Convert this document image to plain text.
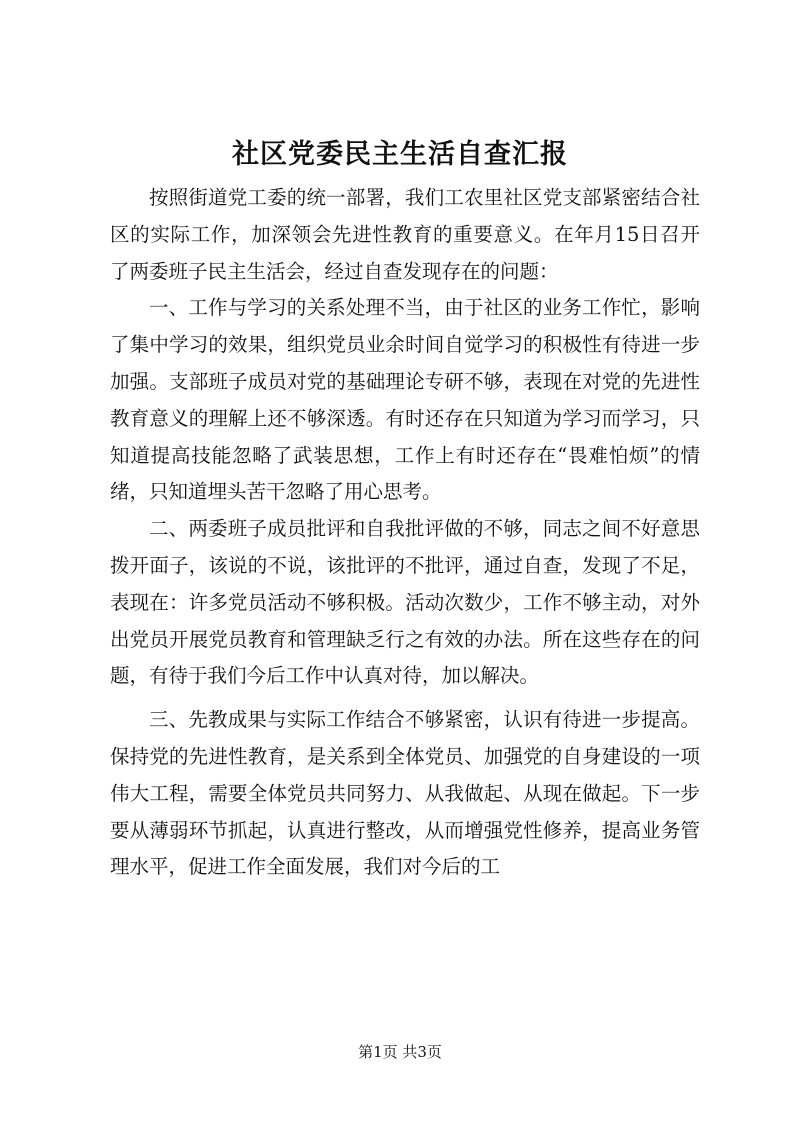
社区党委民主生活自查汇报

按照街道党工委的统一部署，我们工农里社区党支部紧密结合社区的实际工作，加深领会先进性教育的重要意义。在年月15日召开了两委班子民主生活会，经过自查发现存在的问题：

一、工作与学习的关系处理不当，由于社区的业务工作忙，影响了集中学习的效果，组织党员业余时间自觉学习的积极性有待进一步加强。支部班子成员对党的基础理论专研不够，表现在对党的先进性教育意义的理解上还不够深透。有时还存在只知道为学习而学习，只知道提高技能忽略了武装思想，工作上有时还存在“畏难怕烦”的情绪，只知道埋头苦干忽略了用心思考。

二、两委班子成员批评和自我批评做的不够，同志之间不好意思拨开面子，该说的不说，该批评的不批评，通过自查，发现了不足，表现在：许多党员活动不够积极。活动次数少，工作不够主动，对外出党员开展党员教育和管理缺乏行之有效的办法。所在这些存在的问题，有待于我们今后工作中认真对待，加以解决。

三、先教成果与实际工作结合不够紧密，认识有待进一步提高。保持党的先进性教育，是关系到全体党员、加强党的自身建设的一项伟大工程，需要全体党员共同努力、从我做起、从现在做起。下一步要从薄弱环节抓起，认真进行整改，从而增强党性修养，提高业务管理水平，促进工作全面发展，我们对今后的工

第1页 共3页
